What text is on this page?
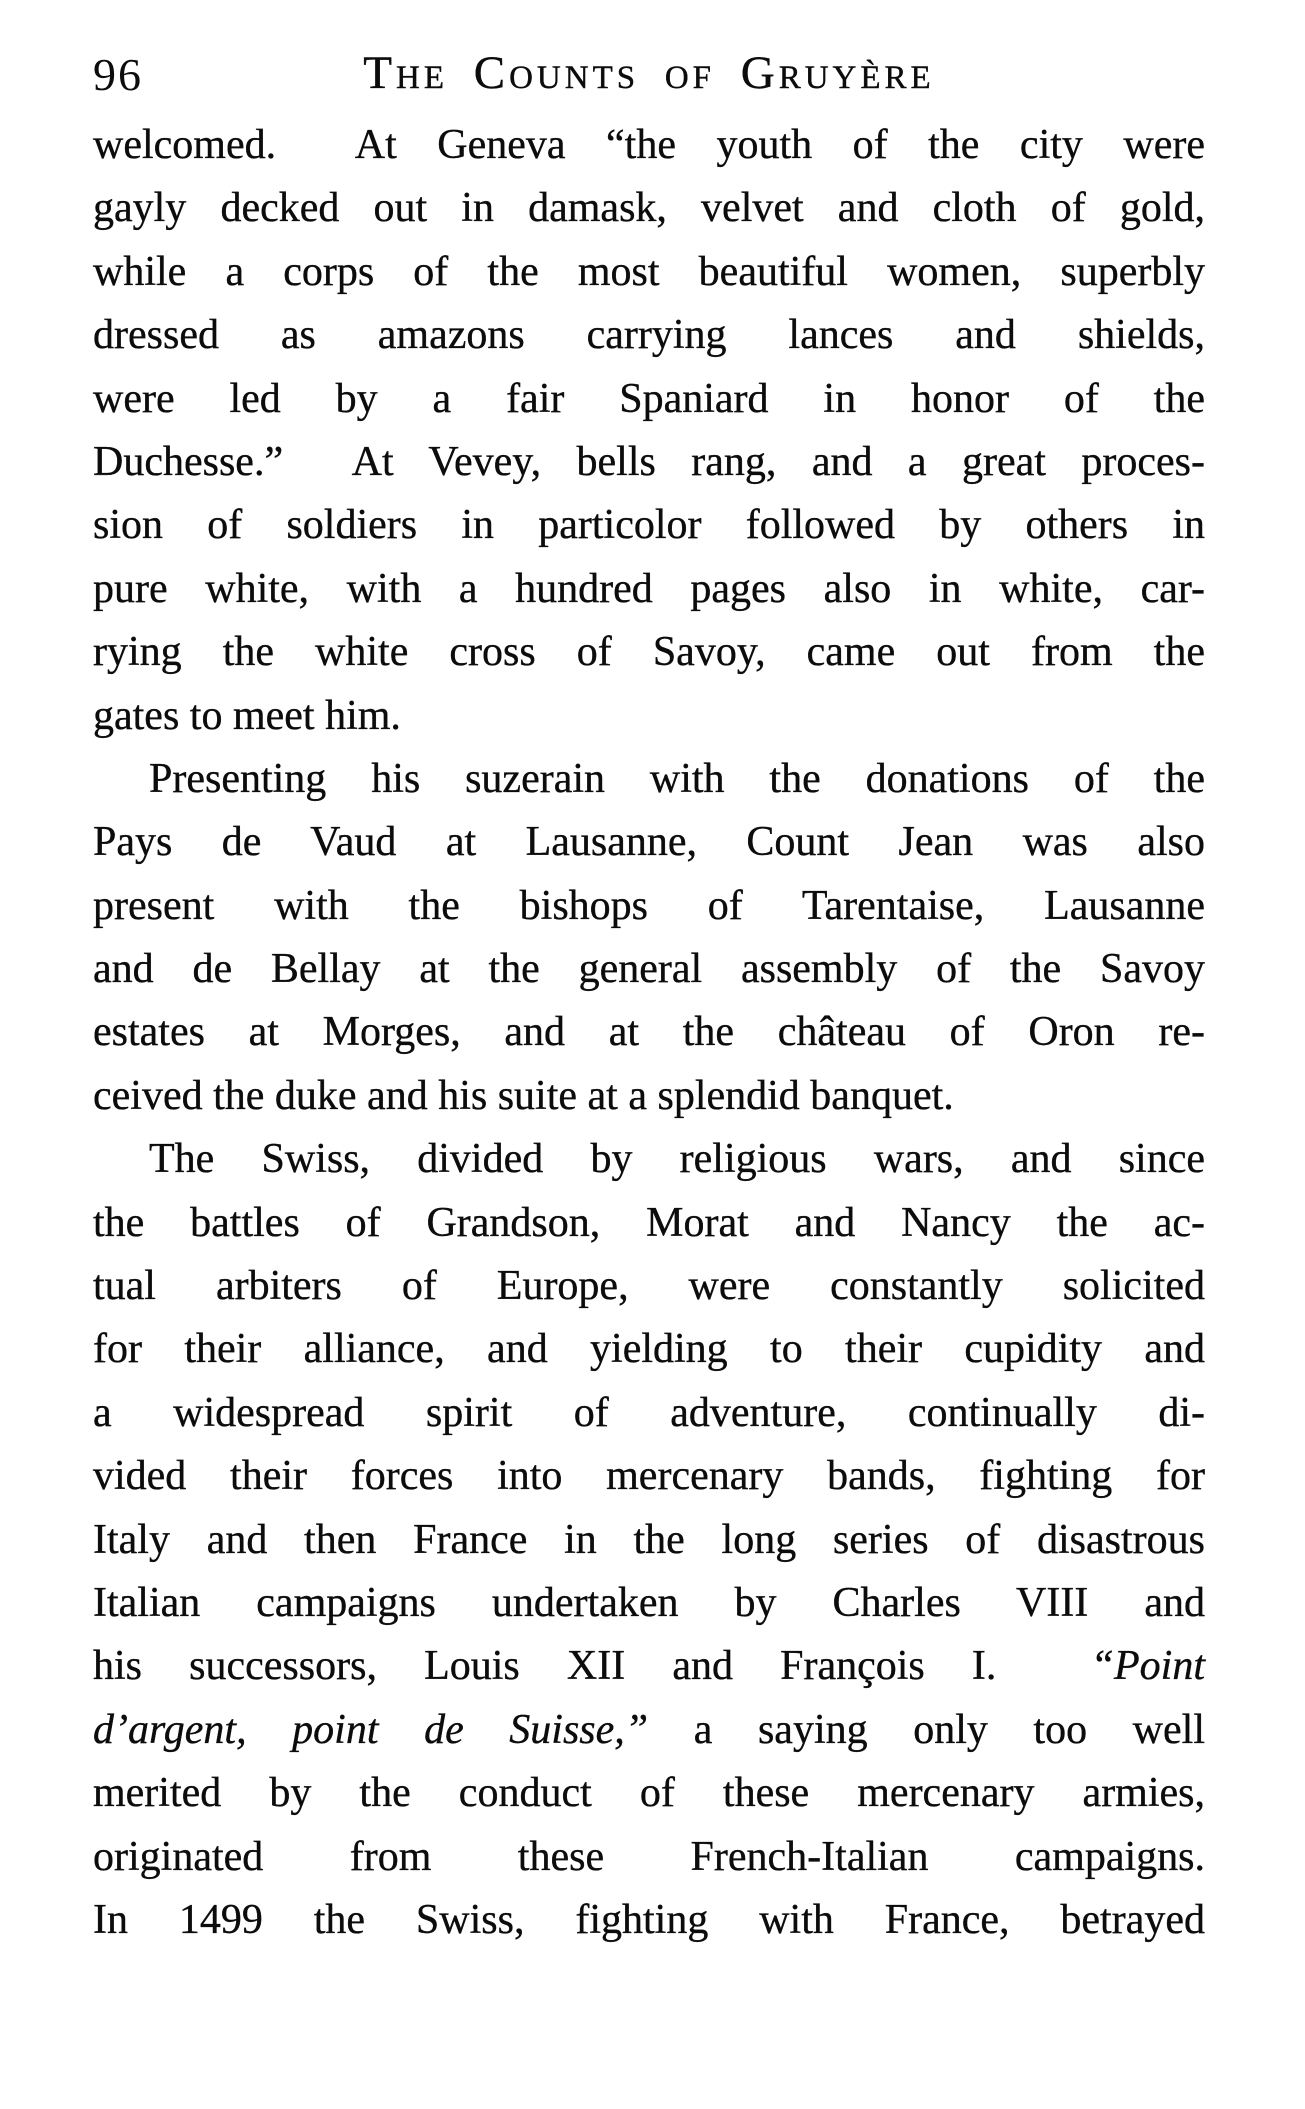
96	The Counts of Gruyère
welcomed.  At Geneva “the youth of the city were
gayly decked out in damask, velvet and cloth of gold,
while a corps of the most beautiful women, superbly
dressed as amazons carrying lances and shields,
were led by a fair Spaniard in honor of the
Duchesse.”  At Vevey, bells rang, and a great proces-
sion of soldiers in particolor followed by others in
pure white, with a hundred pages also in white, car-
rying the white cross of Savoy, came out from the
gates to meet him.
Presenting his suzerain with the donations of the
Pays de Vaud at Lausanne, Count Jean was also
present with the bishops of Tarentaise, Lausanne
and de Bellay at the general assembly of the Savoy
estates at Morges, and at the château of Oron re-
ceived the duke and his suite at a splendid banquet.
The Swiss, divided by religious wars, and since
the battles of Grandson, Morat and Nancy the ac-
tual arbiters of Europe, were constantly solicited
for their alliance, and yielding to their cupidity and
a widespread spirit of adventure, continually di-
vided their forces into mercenary bands, fighting for
Italy and then France in the long series of disastrous
Italian campaigns undertaken by Charles VIII and
his successors, Louis XII and François I.  “Point
d’argent, point de Suisse,” a saying only too well
merited by the conduct of these mercenary armies,
originated from these French-Italian campaigns.
In 1499 the Swiss, fighting with France, betrayed
